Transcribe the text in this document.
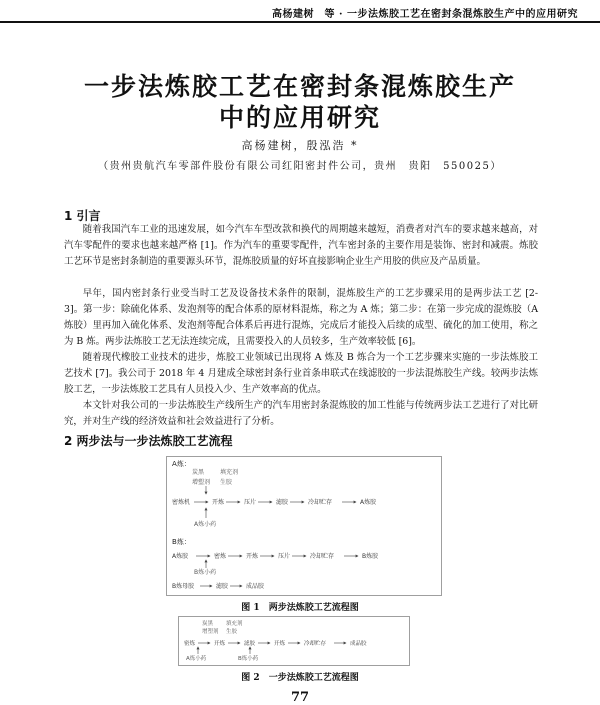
高杨建树　等 · 一步法炼胶工艺在密封条混炼胶生产中的应用研究
一步法炼胶工艺在密封条混炼胶生产
中的应用研究
高杨建树，殷泓浩 *
（贵州贵航汽车零部件股份有限公司红阳密封件公司，贵州　贵阳　550025）
1 引言

随着我国汽车工业的迅速发展，如今汽车车型改款和换代的周期越来越短，消费者对汽车的要求越来越高，对汽车零配件的要求也越来越严格 [1]。作为汽车的重要零配件，汽车密封条的主要作用是装饰、密封和减震。炼胶工艺环节是密封条制造的重要源头环节，混炼胶质量的好坏直接影响企业生产用胶的供应及产品质量。

早年，国内密封条行业受当时工艺及设备技术条件的限制，混炼胶生产的工艺步骤采用的是两步法工艺 [2-3]。第一步：除硫化体系、发泡剂等的配合体系的原材料混炼，称之为 A 炼；第二步：在第一步完成的混炼胶（A 炼胶）里再加入硫化体系、发泡剂等配合体系后再进行混炼，完成后才能投入后续的成型、硫化的加工使用，称之为 B 炼。两步法炼胶工艺无法连续完成，且需要投入的人员较多，生产效率较低 [6]。

随着现代橡胶工业技术的进步，炼胶工业领域已出现将 A 炼及 B 炼合为一个工艺步骤来实施的一步法炼胶工艺技术 [7]。我公司于 2018 年 4 月建成全球密封条行业首条串联式在线滤胶的一步法混炼胶生产线。较两步法炼胶工艺，一步法炼胶工艺具有人员投入少、生产效率高的优点。

本文针对我公司的一步法炼胶生产线所生产的汽车用密封条混炼胶的加工性能与传统两步法工艺进行了对比研究，并对生产线的经济效益和社会效益进行了分析。

2 两步法与一步法炼胶工艺流程
A炼：
炭黑	填充剂
增塑剂 生胶
密炼机	开炼	压片	滤胶	冷却贮存	A炼胶
A炼小药
B炼：
A炼胶	密炼	开炼	压片	冷却贮存	B炼胶
B炼小药
B炼母胶	滤胶	成品胶
图 1　两步法炼胶工艺流程图
炭黑 填充剂
增塑剂 生胶
密炼	开炼	滤胶	开炼	冷却贮存	成品胶
A炼小药	B炼小药
图 2　一步法炼胶工艺流程图
77
